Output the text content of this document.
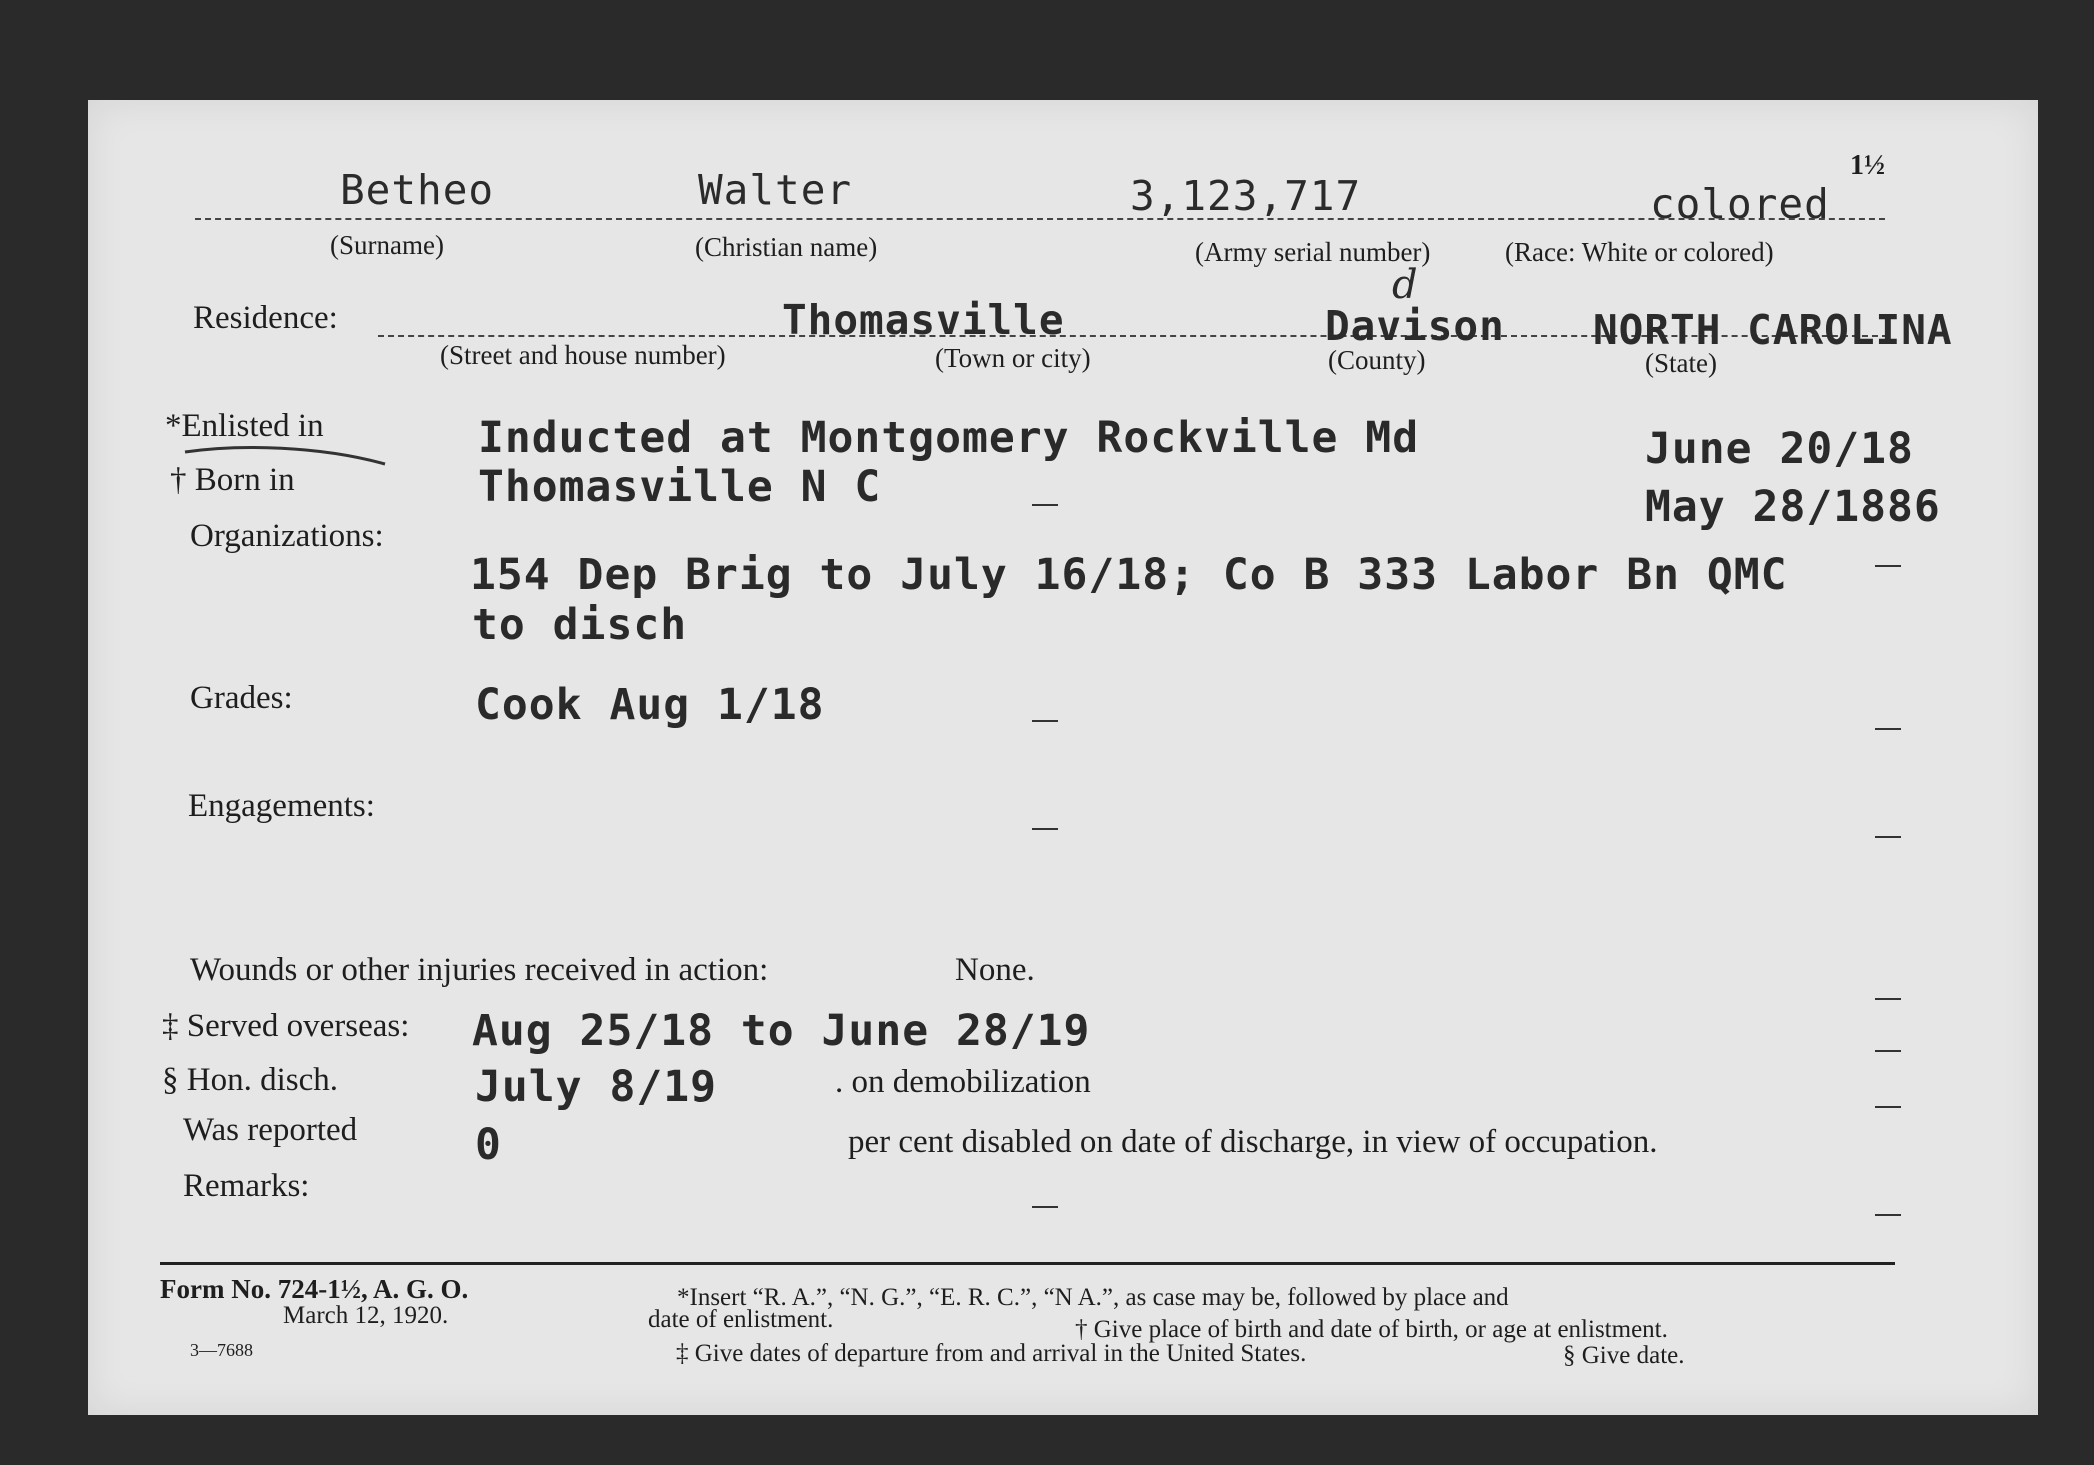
Betheo	Walter	3,123,717	colored
1½
(Surname)	(Christian name)	(Army serial number)	(Race: White or colored)
Residence:	Thomasville	Davison
d
NORTH CAROLINA
(Street and house number)	(Town or city)	(County)	(State)
*Enlisted in	Inducted at Montgomery Rockville Md	June 20/18
† Born in	Thomasville N C	May 28/1886
Organizations:
154 Dep Brig to July 16/18; Co B 333 Labor Bn QMC
to disch
Grades:	Cook Aug 1/18
Engagements:
Wounds or other injuries received in action:	None.
‡ Served overseas: Aug 25/18 to June 28/19
§ Hon. disch.	July 8/19	. on demobilization
Was reported	0	per cent disabled on date of discharge, in view of occupation.
Remarks:
Form No. 724-1½, A. G. O.
March 12, 1920.
3—7688
*Insert “R. A.”, “N. G.”, “E. R. C.”, “N A.”, as case may be, followed by place and
date of enlistment.	† Give place of birth and date of birth, or age at enlistment.
‡ Give dates of departure from and arrival in the United States.	§ Give date.
